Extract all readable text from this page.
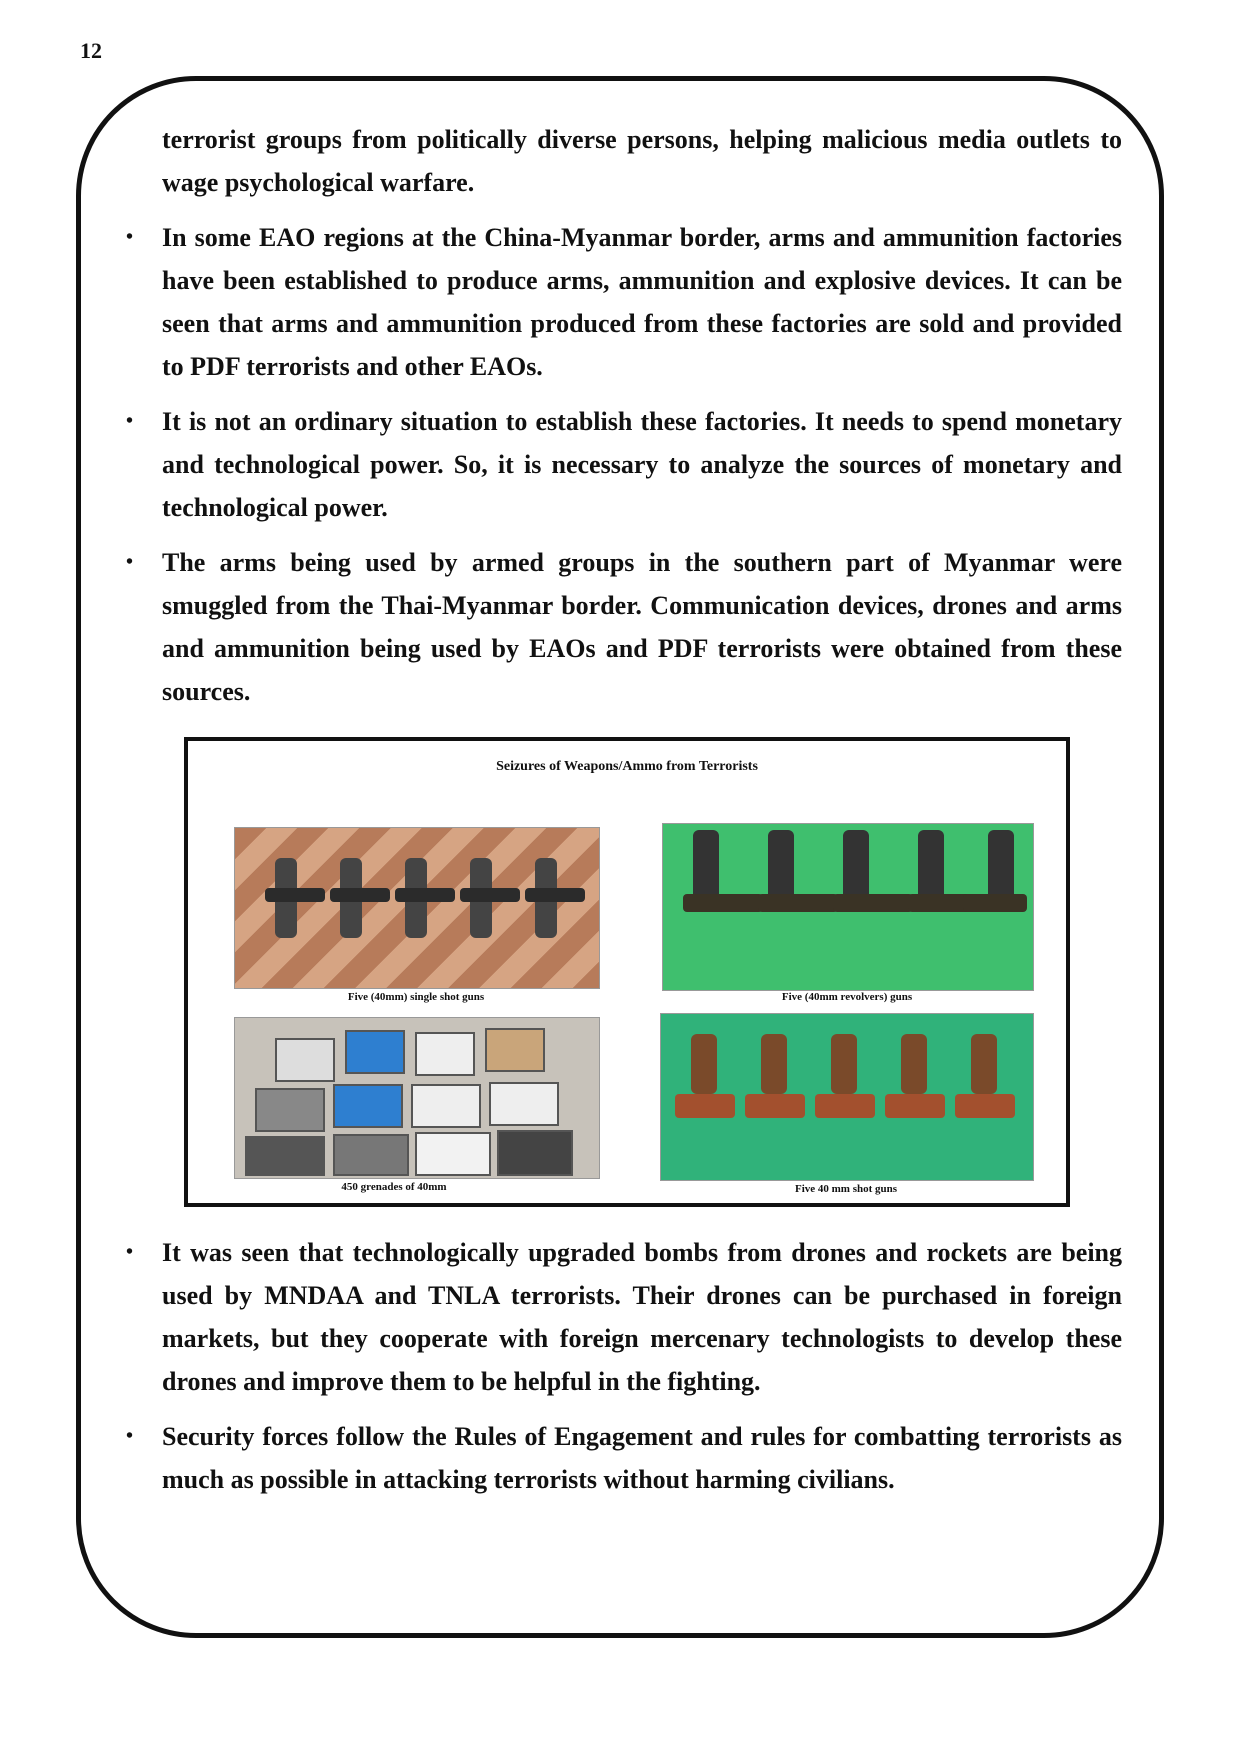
12

terrorist groups from politically diverse persons, helping malicious media outlets to wage psychological warfare.

• In some EAO regions at the China-Myanmar border, arms and ammunition factories have been established to produce arms, ammunition and explosive devices. It can be seen that arms and ammunition produced from these factories are sold and provided to PDF terrorists and other EAOs.
• It is not an ordinary situation to establish these factories. It needs to spend monetary and technological power. So, it is necessary to analyze the sources of monetary and technological power.
• The arms being used by armed groups in the southern part of Myanmar were smuggled from the Thai-Myanmar border. Communication devices, drones and arms and ammunition being used by EAOs and PDF terrorists were obtained from these sources.
Seizures of Weapons/Ammo from Terrorists
Five (40mm) single shot guns	Five (40mm revolvers) guns
450 grenades of 40mm	Five 40 mm shot guns
• It was seen that technologically upgraded bombs from drones and rockets are being used by MNDAA and TNLA terrorists. Their drones can be purchased in foreign markets, but they cooperate with foreign mercenary technologists to develop these drones and improve them to be helpful in the fighting.
• Security forces follow the Rules of Engagement and rules for combatting terrorists as much as possible in attacking terrorists without harming civilians.
